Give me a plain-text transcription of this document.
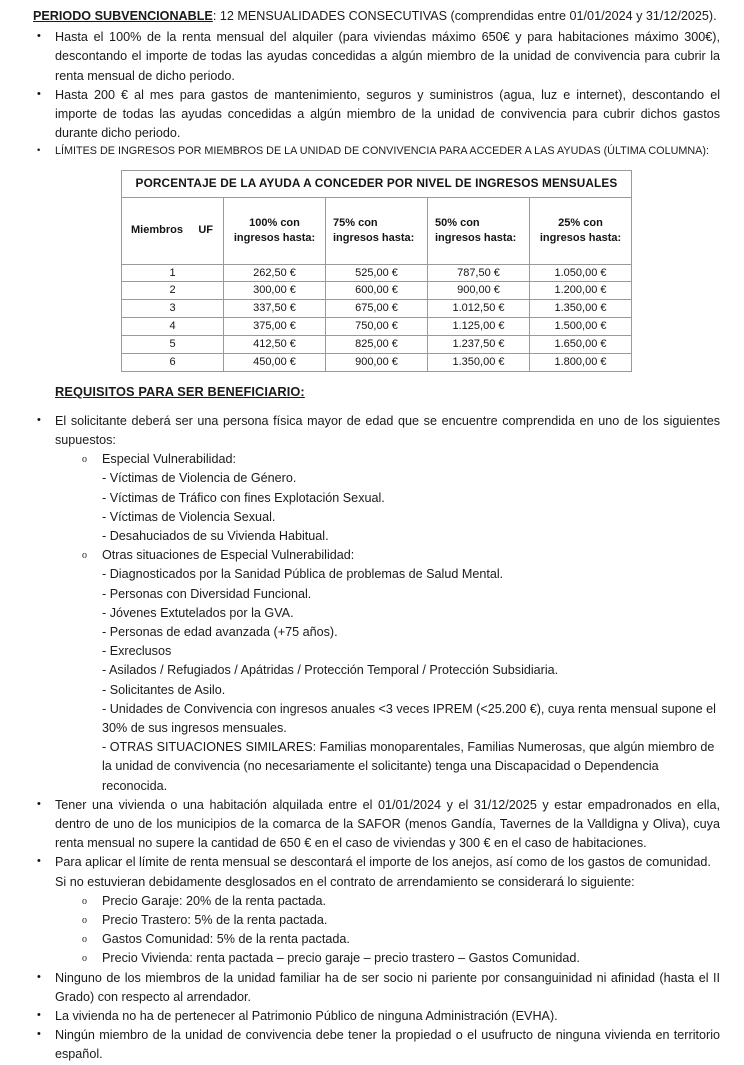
PERIODO SUBVENCIONABLE: 12 MENSUALIDADES CONSECUTIVAS (comprendidas entre 01/01/2024 y 31/12/2025).

• Hasta el 100% de la renta mensual del alquiler (para viviendas máximo 650€ y para habitaciones máximo 300€), descontando el importe de todas las ayudas concedidas a algún miembro de la unidad de convivencia para cubrir la renta mensual de dicho periodo.
• Hasta 200 € al mes para gastos de mantenimiento, seguros y suministros (agua, luz e internet), descontando el importe de todas las ayudas concedidas a algún miembro de la unidad de convivencia para cubrir dichos gastos durante dicho periodo.
• LÍMITES DE INGRESOS POR MIEMBROS DE LA UNIDAD DE CONVIVENCIA PARA ACCEDER A LAS AYUDAS (ÚLTIMA COLUMNA):
PORCENTAJE DE LA AYUDA A CONCEDER POR NIVEL DE INGRESOS MENSUALES				

Miembros UF	100% con ingresos hasta:	75% con ingresos hasta:	50% con ingresos hasta:	25% con ingresos hasta:
1	262,50 €	525,00 €	787,50 €	1.050,00 €
2	300,00 €	600,00 €	900,00 €	1.200,00 €
3	337,50 €	675,00 €	1.012,50 €	1.350,00 €
4	375,00 €	750,00 €	1.125,00 €	1.500,00 €
5	412,50 €	825,00 €	1.237,50 €	1.650,00 €
6	450,00 €	900,00 €	1.350,00 €	1.800,00 €
REQUISITOS PARA SER BENEFICIARIO:
• El solicitante deberá ser una persona física mayor de edad que se encuentre comprendida en uno de los siguientes supuestos:
o Especial Vulnerabilidad:
- Víctimas de Violencia de Género.
- Víctimas de Tráfico con fines Explotación Sexual.
- Víctimas de Violencia Sexual.
- Desahuciados de su Vivienda Habitual.
o Otras situaciones de Especial Vulnerabilidad:
- Diagnosticados por la Sanidad Pública de problemas de Salud Mental.
- Personas con Diversidad Funcional.
- Jóvenes Extutelados por la GVA.
- Personas de edad avanzada (+75 años).
- Exreclusos
- Asilados / Refugiados / Apátridas / Protección Temporal / Protección Subsidiaria.
- Solicitantes de Asilo.
- Unidades de Convivencia con ingresos anuales <3 veces IPREM (<25.200 €), cuya renta mensual supone el 30% de sus ingresos mensuales.
- OTRAS SITUACIONES SIMILARES: Familias monoparentales, Familias Numerosas, que algún miembro de la unidad de convivencia (no necesariamente el solicitante) tenga una Discapacidad o Dependencia reconocida.
• Tener una vivienda o una habitación alquilada entre el 01/01/2024 y el 31/12/2025 y estar empadronados en ella, dentro de uno de los municipios de la comarca de la SAFOR (menos Gandía, Tavernes de la Valldigna y Oliva), cuya renta mensual no supere la cantidad de 650 € en el caso de viviendas y 300 € en el caso de habitaciones.
• Para aplicar el límite de renta mensual se descontará el importe de los anejos, así como de los gastos de comunidad.
Si no estuvieran debidamente desglosados en el contrato de arrendamiento se considerará lo siguiente:
o Precio Garaje: 20% de la renta pactada.
o Precio Trastero: 5% de la renta pactada.
o Gastos Comunidad: 5% de la renta pactada.
o Precio Vivienda: renta pactada – precio garaje – precio trastero – Gastos Comunidad.
• Ninguno de los miembros de la unidad familiar ha de ser socio ni pariente por consanguinidad ni afinidad (hasta el II Grado) con respecto al arrendador.
• La vivienda no ha de pertenecer al Patrimonio Público de ninguna Administración (EVHA).
• Ningún miembro de la unidad de convivencia debe tener la propiedad o el usufructo de ninguna vivienda en territorio español.
